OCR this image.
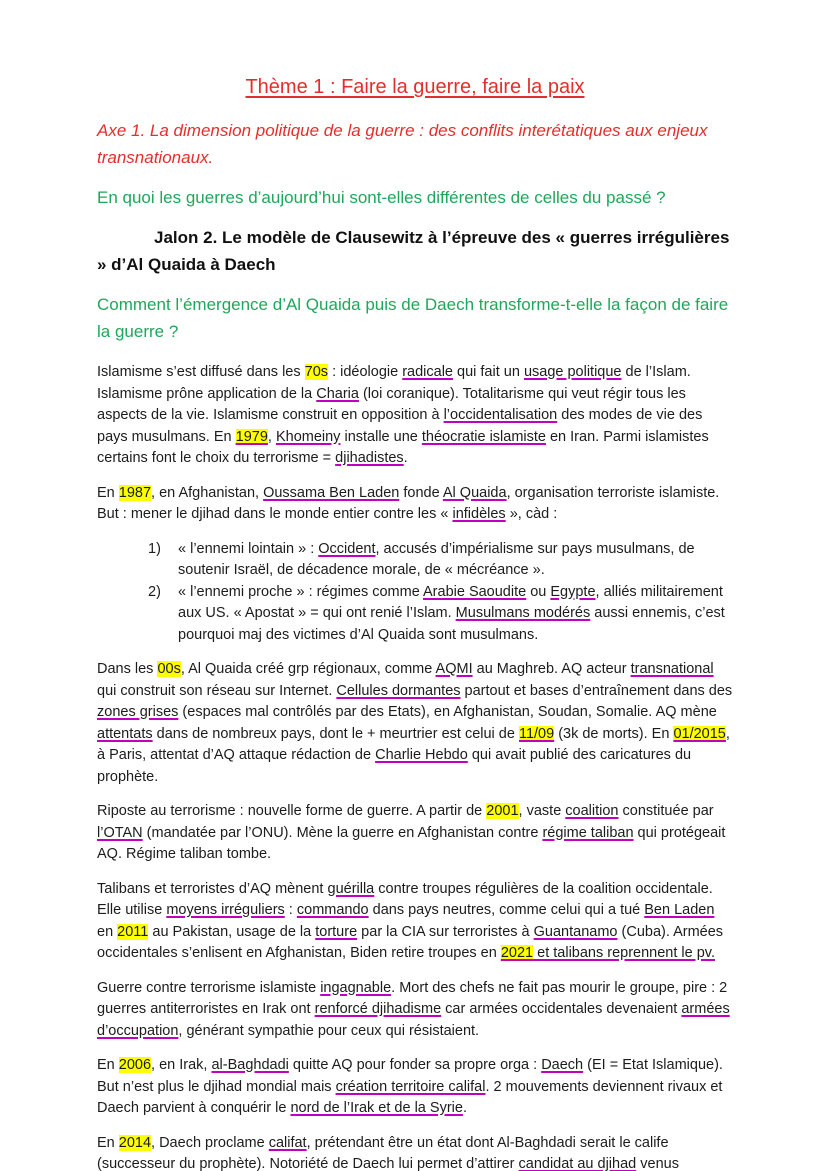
Thème 1 : Faire la guerre, faire la paix

Axe 1. La dimension politique de la guerre : des conflits interétatiques aux enjeux transnationaux.

En quoi les guerres d’aujourd’hui sont-elles différentes de celles du passé ?

Jalon 2. Le modèle de Clausewitz à l’épreuve des « guerres irrégulières » d’Al Quaida à Daech

Comment l’émergence d’Al Quaida puis de Daech transforme-t-elle la façon de faire la guerre ?

Islamisme s’est diffusé dans les 70s : idéologie radicale qui fait un usage politique de l’Islam. Islamisme prône application de la Charia (loi coranique). Totalitarisme qui veut régir tous les aspects de la vie. Islamisme construit en opposition à l’occidentalisation des modes de vie des pays musulmans. En 1979, Khomeiny installe une théocratie islamiste en Iran. Parmi islamistes certains font le choix du terrorisme = djihadistes.

En 1987, en Afghanistan, Oussama Ben Laden fonde Al Quaida, organisation terroriste islamiste. But : mener le djihad dans le monde entier contre les « infidèles », càd :

1)	« l’ennemi lointain » : Occident, accusés d’impérialisme sur pays musulmans, de soutenir Israël, de décadence morale, de « mécréance ».
2)	« l’ennemi proche » : régimes comme Arabie Saoudite ou Egypte, alliés militairement aux US. « Apostat » = qui ont renié l’Islam. Musulmans modérés aussi ennemis, c’est pourquoi maj des victimes d’Al Quaida sont musulmans.

Dans les 00s, Al Quaida créé grp régionaux, comme AQMI au Maghreb. AQ acteur transnational qui construit son réseau sur Internet. Cellules dormantes partout et bases d’entraînement dans des zones grises (espaces mal contrôlés par des Etats), en Afghanistan, Soudan, Somalie. AQ mène attentats dans de nombreux pays, dont le + meurtrier est celui de 11/09 (3k de morts). En 01/2015, à Paris, attentat d’AQ attaque rédaction de Charlie Hebdo qui avait publié des caricatures du prophète.

Riposte au terrorisme : nouvelle forme de guerre. A partir de 2001, vaste coalition constituée par l’OTAN (mandatée par l’ONU). Mène la guerre en Afghanistan contre régime taliban qui protégeait AQ. Régime taliban tombe.

Talibans et terroristes d’AQ mènent guérilla contre troupes régulières de la coalition occidentale. Elle utilise moyens irréguliers : commando dans pays neutres, comme celui qui a tué Ben Laden en 2011 au Pakistan, usage de la torture par la CIA sur terroristes à Guantanamo (Cuba). Armées occidentales s’enlisent en Afghanistan, Biden retire troupes en 2021 et talibans reprennent le pv.

Guerre contre terrorisme islamiste ingagnable. Mort des chefs ne fait pas mourir le groupe, pire : 2 guerres antiterroristes en Irak ont renforcé djihadisme car armées occidentales devenaient armées d’occupation, générant sympathie pour ceux qui résistaient.

En 2006, en Irak, al-Baghdadi quitte AQ pour fonder sa propre orga : Daech (EI = Etat Islamique). But n’est plus le djihad mondial mais création territoire califal. 2 mouvements deviennent rivaux et Daech parvient à conquérir le nord de l’Irak et de la Syrie.

En 2014, Daech proclame califat, prétendant être un état dont Al-Baghdadi serait le calife (successeur du prophète). Notoriété de Daech lui permet d’attirer candidat au djihad venus
